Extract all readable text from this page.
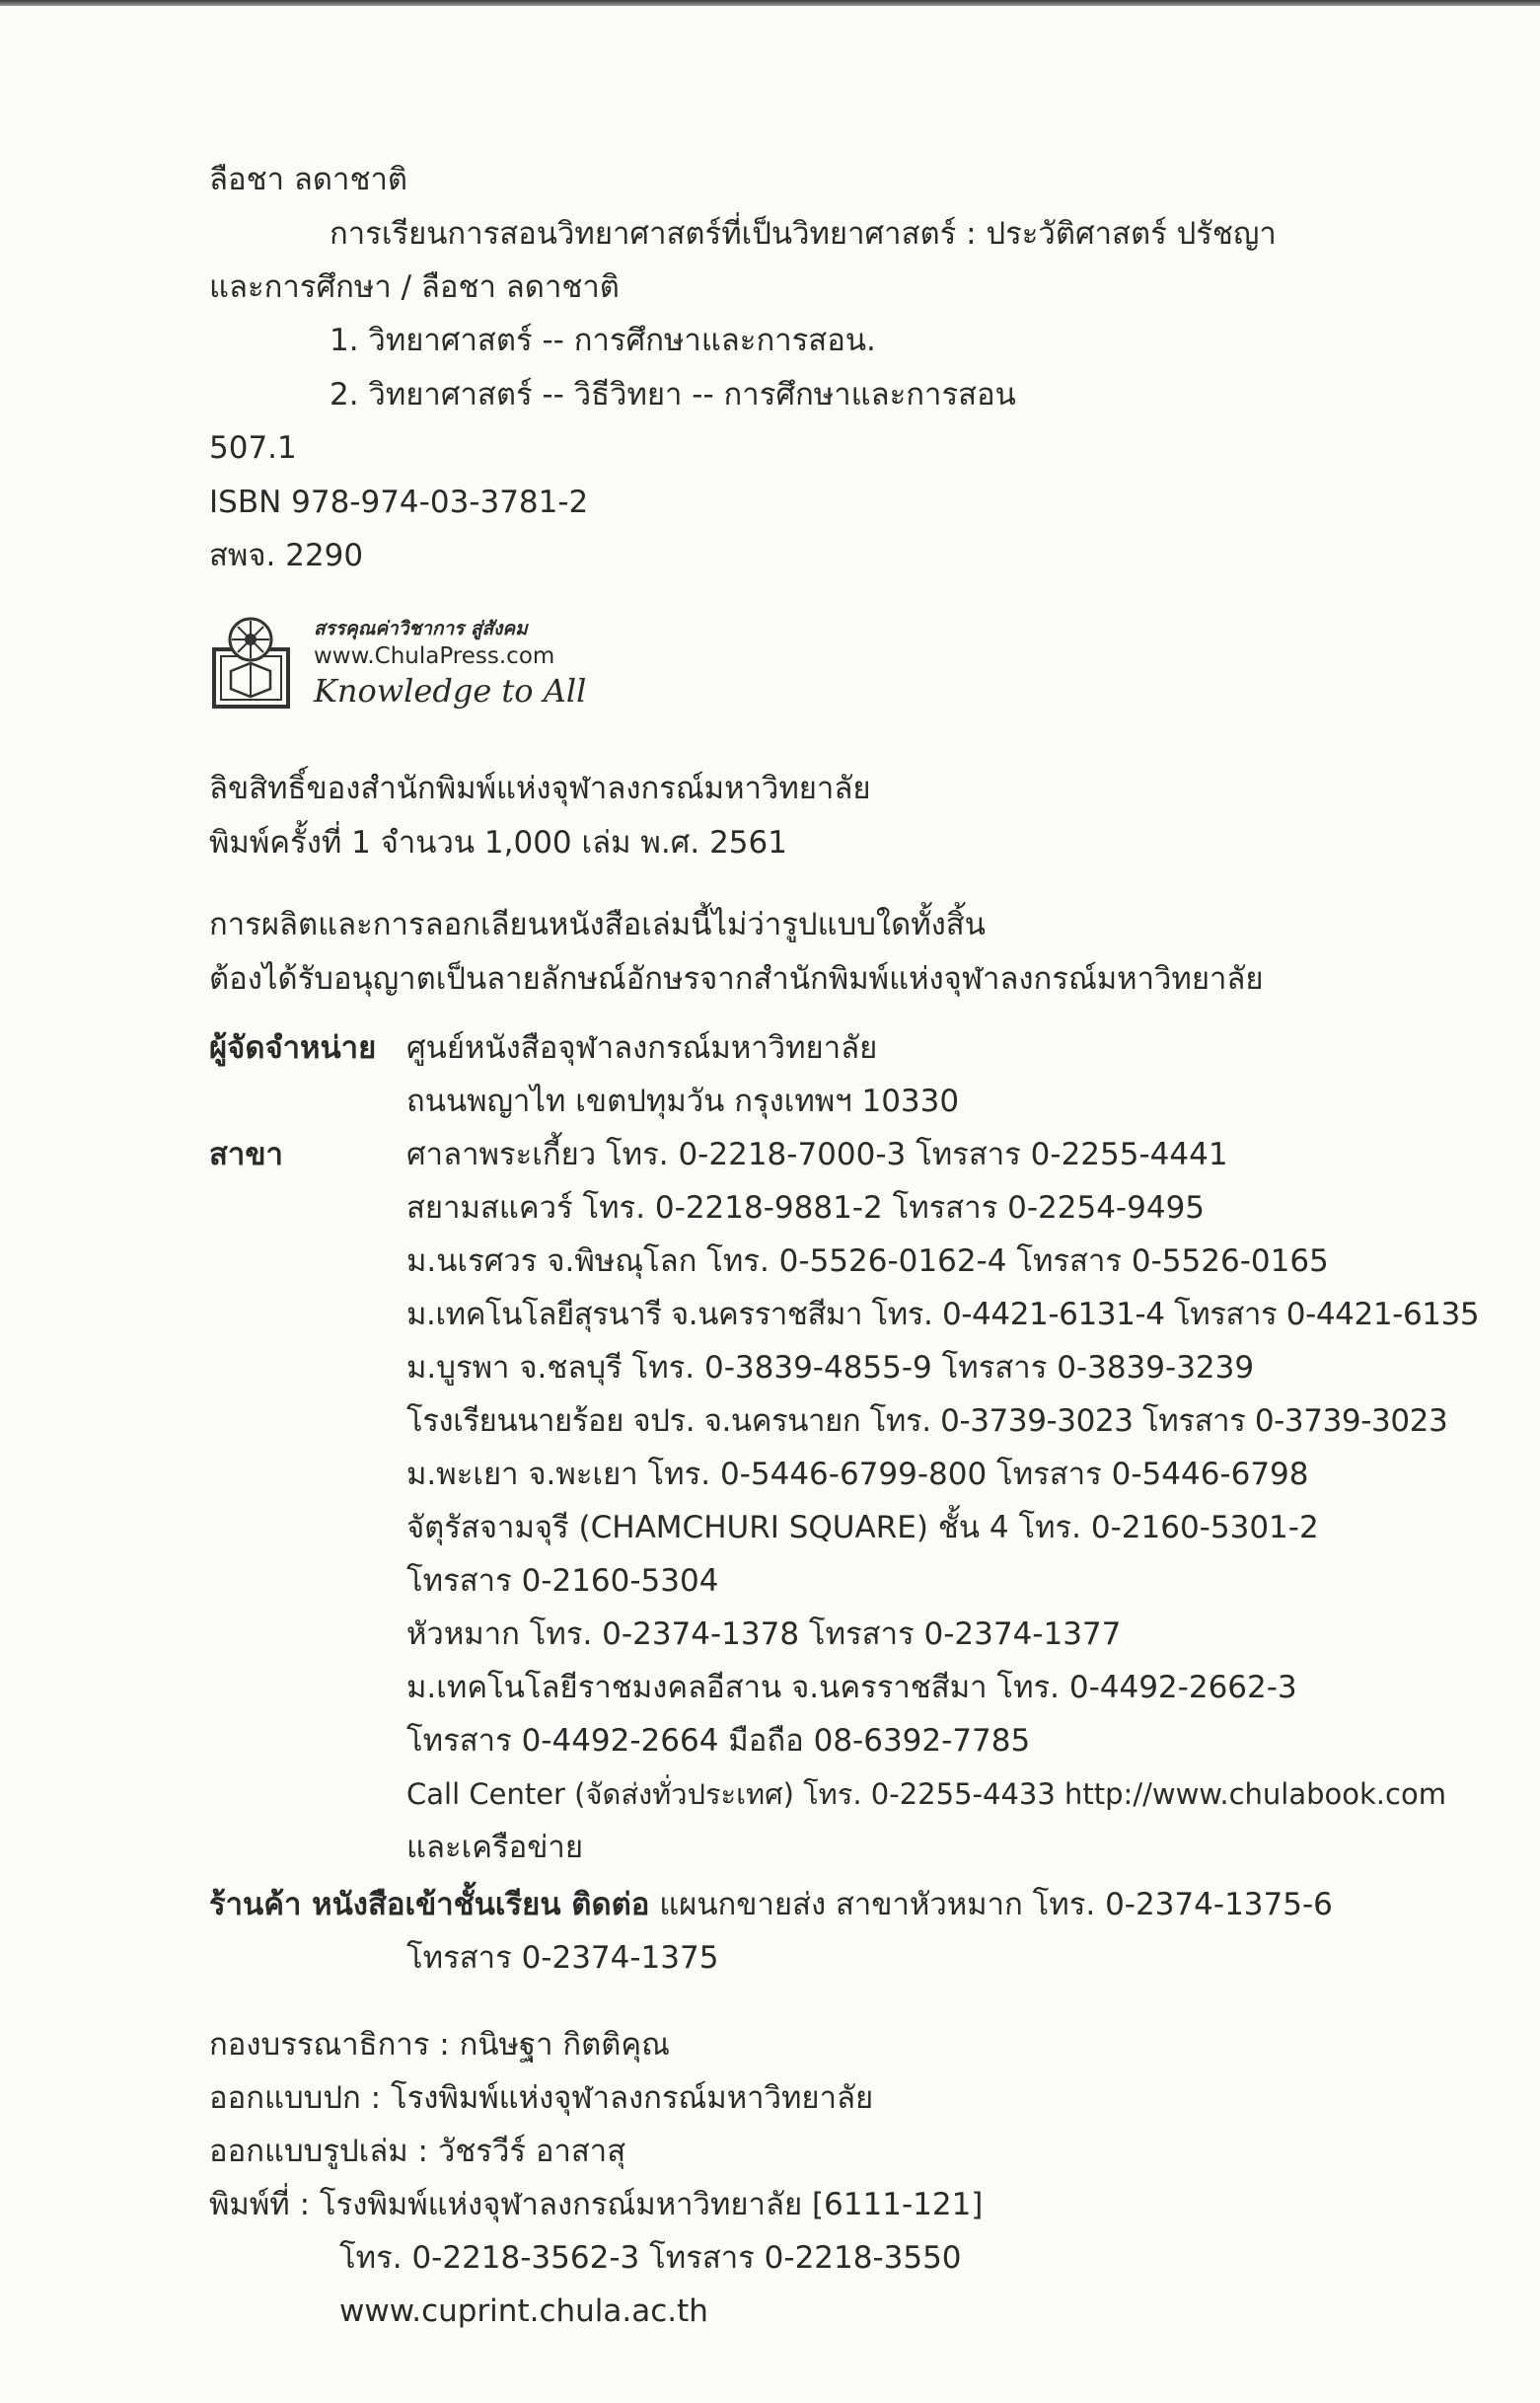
ลือชา ลดาชาติ
การเรียนการสอนวิทยาศาสตร์ที่เป็นวิทยาศาสตร์ : ประวัติศาสตร์ ปรัชญา
และการศึกษา / ลือชา ลดาชาติ
1. วิทยาศาสตร์ -- การศึกษาและการสอน.
2. วิทยาศาสตร์ -- วิธีวิทยา -- การศึกษาและการสอน
507.1
ISBN 978-974-03-3781-2
สพจ. 2290
สรรคุณค่าวิชาการ สู่สังคม
www.ChulaPress.com
Knowledge to All
ลิขสิทธิ์ของสำนักพิมพ์แห่งจุฬาลงกรณ์มหาวิทยาลัย
พิมพ์ครั้งที่ 1 จำนวน 1,000 เล่ม พ.ศ. 2561
การผลิตและการลอกเลียนหนังสือเล่มนี้ไม่ว่ารูปแบบใดทั้งสิ้น
ต้องได้รับอนุญาตเป็นลายลักษณ์อักษรจากสำนักพิมพ์แห่งจุฬาลงกรณ์มหาวิทยาลัย
ผู้จัดจำหน่าย ศูนย์หนังสือจุฬาลงกรณ์มหาวิทยาลัย
ถนนพญาไท เขตปทุมวัน กรุงเทพฯ 10330
สาขา	ศาลาพระเกี้ยว โทร. 0-2218-7000-3 โทรสาร 0-2255-4441
สยามสแควร์ โทร. 0-2218-9881-2 โทรสาร 0-2254-9495
ม.นเรศวร จ.พิษณุโลก โทร. 0-5526-0162-4 โทรสาร 0-5526-0165
ม.เทคโนโลยีสุรนารี จ.นครราชสีมา โทร. 0-4421-6131-4 โทรสาร 0-4421-6135
ม.บูรพา จ.ชลบุรี โทร. 0-3839-4855-9 โทรสาร 0-3839-3239
โรงเรียนนายร้อย จปร. จ.นครนายก โทร. 0-3739-3023 โทรสาร 0-3739-3023
ม.พะเยา จ.พะเยา โทร. 0-5446-6799-800 โทรสาร 0-5446-6798
จัตุรัสจามจุรี (CHAMCHURI SQUARE) ชั้น 4 โทร. 0-2160-5301-2
โทรสาร 0-2160-5304
หัวหมาก โทร. 0-2374-1378 โทรสาร 0-2374-1377
ม.เทคโนโลยีราชมงคลอีสาน จ.นครราชสีมา โทร. 0-4492-2662-3
โทรสาร 0-4492-2664 มือถือ 08-6392-7785
Call Center (จัดส่งทั่วประเทศ) โทร. 0-2255-4433 http://www.chulabook.com
และเครือข่าย
ร้านค้า หนังสือเข้าชั้นเรียน ติดต่อ แผนกขายส่ง สาขาหัวหมาก โทร. 0-2374-1375-6
โทรสาร 0-2374-1375
กองบรรณาธิการ : กนิษฐา กิตติคุณ
ออกแบบปก : โรงพิมพ์แห่งจุฬาลงกรณ์มหาวิทยาลัย
ออกแบบรูปเล่ม : วัชรวีร์ อาสาสุ
พิมพ์ที่ : โรงพิมพ์แห่งจุฬาลงกรณ์มหาวิทยาลัย [6111-121]
โทร. 0-2218-3562-3 โทรสาร 0-2218-3550
www.cuprint.chula.ac.th
